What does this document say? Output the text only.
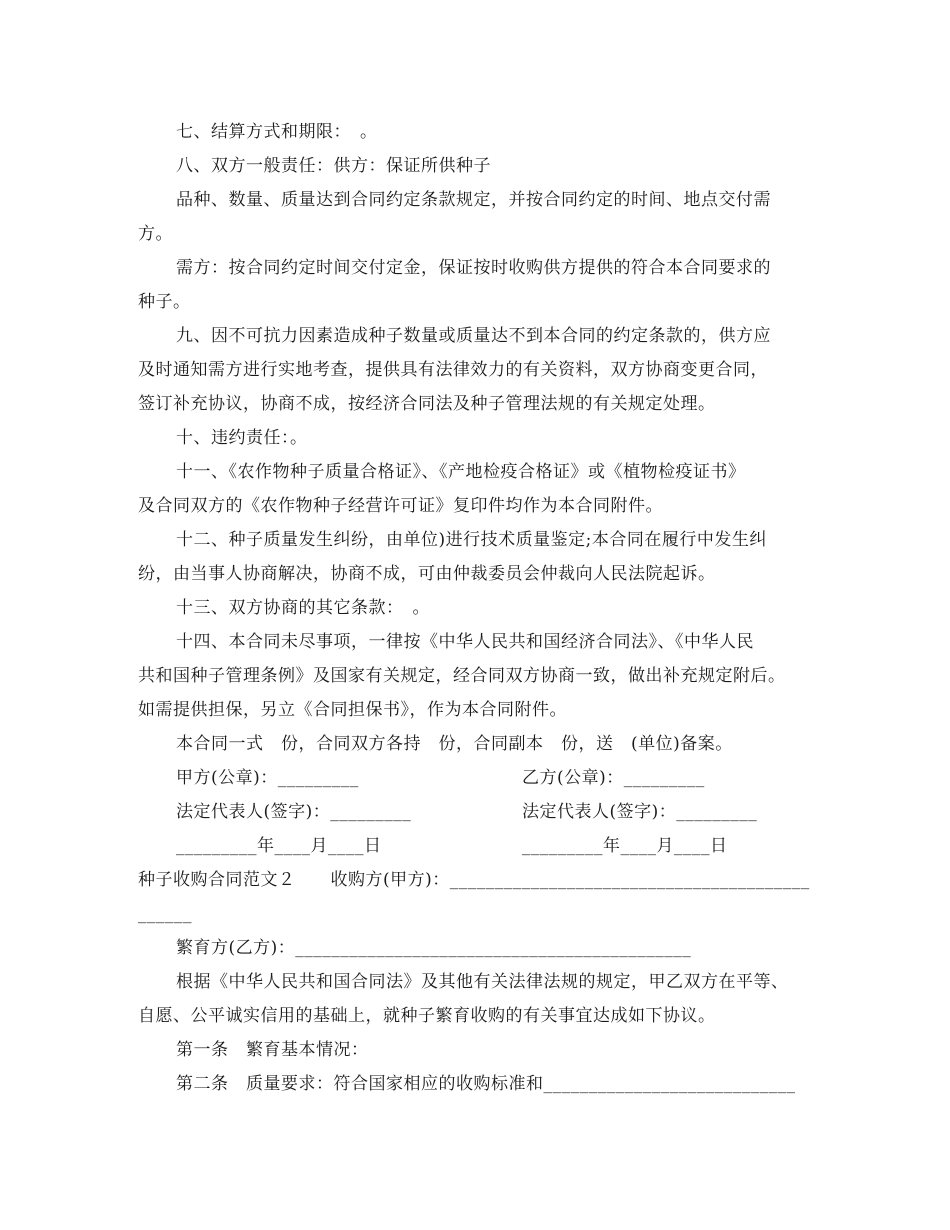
七、结算方式和期限：　。
八、双方一般责任：供方：保证所供种子
品种、数量、质量达到合同约定条款规定，并按合同约定的时间、地点交付需
方。
需方：按合同约定时间交付定金，保证按时收购供方提供的符合本合同要求的
种子。
九、因不可抗力因素造成种子数量或质量达不到本合同的约定条款的，供方应
及时通知需方进行实地考查，提供具有法律效力的有关资料，双方协商变更合同，
签订补充协议，协商不成，按经济合同法及种子管理法规的有关规定处理。
十、违约责任：。
十一、《农作物种子质量合格证》、《产地检疫合格证》或《植物检疫证书》
及合同双方的《农作物种子经营许可证》复印件均作为本合同附件。
十二、种子质量发生纠纷，由单位)进行技术质量鉴定;本合同在履行中发生纠
纷，由当事人协商解决，协商不成，可由仲裁委员会仲裁向人民法院起诉。
十三、双方协商的其它条款：　。
十四、本合同未尽事项，一律按《中华人民共和国经济合同法》、《中华人民
共和国种子管理条例》及国家有关规定，经合同双方协商一致，做出补充规定附后。
如需提供担保，另立《合同担保书》，作为本合同附件。
本合同一式　份，合同双方各持　份，合同副本　份，送　(单位)备案。
甲方(公章)：_________	乙方(公章)：_________
法定代表人(签字)：_________	法定代表人(签字)：_________
_________年____月____日	_________年____月____日
种子收购合同范文２　　收购方(甲方)：________________________________________
______
繁育方(乙方)：____________________________________________
根据《中华人民共和国合同法》及其他有关法律法规的规定，甲乙双方在平等、
自愿、公平诚实信用的基础上，就种子繁育收购的有关事宜达成如下协议。
第一条　繁育基本情况：
第二条　质量要求：符合国家相应的收购标准和____________________________
